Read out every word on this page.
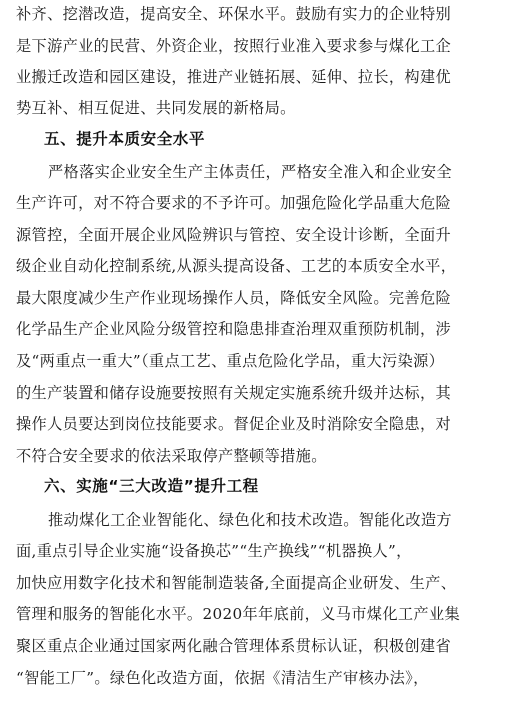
补齐、挖潜改造，提高安全、环保水平。鼓励有实力的企业特别
是下游产业的民营、外资企业，按照行业准入要求参与煤化工企
业搬迁改造和园区建设，推进产业链拓展、延伸、拉长，构建优
势互补、相互促进、共同发展的新格局。
五、提升本质安全水平
严格落实企业安全生产主体责任，严格安全准入和企业安全
生产许可，对不符合要求的不予许可。加强危险化学品重大危险
源管控，全面开展企业风险辨识与管控、安全设计诊断，全面升
级企业自动化控制系统,从源头提高设备、工艺的本质安全水平，
最大限度减少生产作业现场操作人员，降低安全风险。完善危险
化学品生产企业风险分级管控和隐患排查治理双重预防机制，涉
及“两重点一重大”（重点工艺、重点危险化学品，重大污染源）
的生产装置和储存设施要按照有关规定实施系统升级并达标，其
操作人员要达到岗位技能要求。督促企业及时消除安全隐患，对
不符合安全要求的依法采取停产整顿等措施。
六、实施“三大改造”提升工程
推动煤化工企业智能化、绿色化和技术改造。智能化改造方
面,重点引导企业实施“设备换芯”“生产换线”“机器换人”，
加快应用数字化技术和智能制造装备,全面提高企业研发、生产、
管理和服务的智能化水平。2020年年底前，义马市煤化工产业集
聚区重点企业通过国家两化融合管理体系贯标认证，积极创建省
“智能工厂”。绿色化改造方面，依据《清洁生产审核办法》，
